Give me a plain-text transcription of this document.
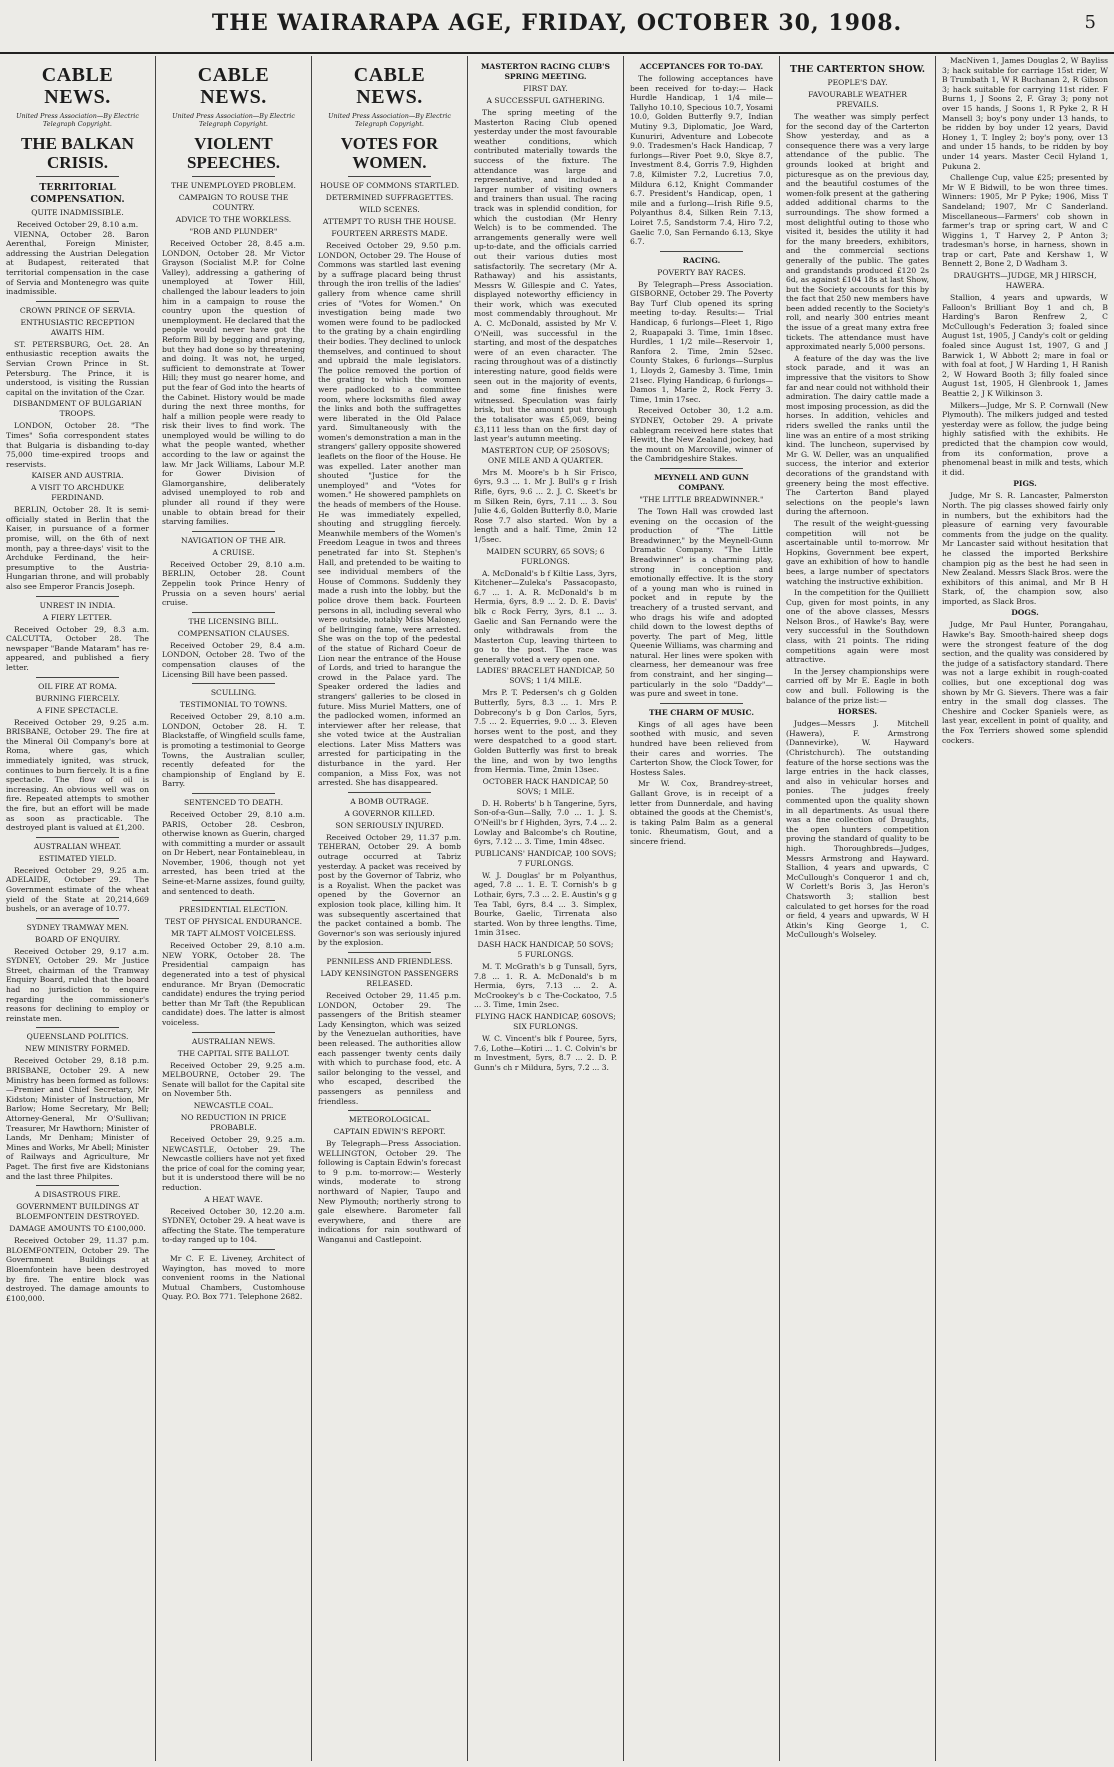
THE WAIRARAPA AGE, FRIDAY, OCTOBER 30, 1908.	5
CABLE NEWS.
United Press Association—By Electric Telegraph Copyright.
THE BALKAN CRISIS.
TERRITORIAL COMPENSATION.
QUITE INADMISSIBLE.
Received October 29, 8.10 a.m.

VIENNA, October 28. Baron Aerenthal, Foreign Minister, addressing the Austrian Delegation at Budapest, reiterated that territorial compensation in the case of Servia and Montenegro was quite inadmissible.

CROWN PRINCE OF SERVIA.
ENTHUSIASTIC RECEPTION AWAITS HIM.

ST. PETERSBURG, Oct. 28. An enthusiastic reception awaits the Servian Crown Prince in St. Petersburg. The Prince, it is understood, is visiting the Russian capital on the invitation of the Czar.

DISBANDMENT OF BULGARIAN TROOPS.

LONDON, October 28. "The Times" Sofia correspondent states that Bulgaria is disbanding to-day 75,000 time-expired troops and reservists.

KAISER AND AUSTRIA.
A VISIT TO ARCHDUKE FERDINAND.

BERLIN, October 28. It is semi-officially stated in Berlin that the Kaiser, in pursuance of a former promise, will, on the 6th of next month, pay a three-days' visit to the Archduke Ferdinand, the heir-presumptive to the Austria-Hungarian throne, and will probably also see Emperor Francis Joseph.

UNREST IN INDIA.
A FIERY LETTER.

Received October 29, 8.3 a.m. CALCUTTA, October 28. The newspaper "Bande Mataram" has re-appeared, and published a fiery letter.

OIL FIRE AT ROMA.
BURNING FIERCELY.
A FINE SPECTACLE.

Received October 29, 9.25 a.m. BRISBANE, October 29. The fire at the Mineral Oil Company's bore at Roma, where gas, which immediately ignited, was struck, continues to burn fiercely. It is a fine spectacle. The flow of oil is increasing. An obvious well was on fire. Repeated attempts to smother the fire, but an effort will be made as soon as practicable. The destroyed plant is valued at £1,200.

AUSTRALIAN WHEAT.
ESTIMATED YIELD.

Received October 29, 9.25 a.m. ADELAIDE, October 29. The Government estimate of the wheat yield of the State at 20,214,669 bushels, or an average of 10.77.

SYDNEY TRAMWAY MEN.
BOARD OF ENQUIRY.

Received October 29, 9.17 a.m. SYDNEY, October 29. Mr Justice Street, chairman of the Tramway Enquiry Board, ruled that the board had no jurisdiction to enquire regarding the commissioner's reasons for declining to employ or reinstate men.

QUEENSLAND POLITICS.
NEW MINISTRY FORMED.

Received October 29, 8.18 p.m. BRISBANE, October 29. A new Ministry has been formed as follows:—Premier and Chief Secretary, Mr Kidston; Minister of Instruction, Mr Barlow; Home Secretary, Mr Bell; Attorney-General, Mr O'Sullivan; Treasurer, Mr Hawthorn; Minister of Lands, Mr Denham; Minister of Mines and Works, Mr Abell; Minister of Railways and Agriculture, Mr Paget. The first five are Kidstonians and the last three Philpites.

A DISASTROUS FIRE.
GOVERNMENT BUILDINGS AT BLOEMFONTEIN DESTROYED.
DAMAGE AMOUNTS TO £100,000.

Received October 29, 11.37 p.m. BLOEMFONTEIN, October 29. The Government Buildings at Bloemfontein have been destroyed by fire. The entire block was destroyed. The damage amounts to £100,000.

CABLE NEWS.
United Press Association—By Electric Telegraph Copyright.
VIOLENT SPEECHES.
THE UNEMPLOYED PROBLEM.
CAMPAIGN TO ROUSE THE COUNTRY.
ADVICE TO THE WORKLESS.
"ROB AND PLUNDER"

Received October 28, 8.45 a.m. LONDON, October 28. Mr Victor Grayson (Socialist M.P. for Colne Valley), addressing a gathering of unemployed at Tower Hill, challenged the labour leaders to join him in a campaign to rouse the country upon the question of unemployment. He declared that the people would never have got the Reform Bill by begging and praying, but they had done so by threatening and doing. It was not, he urged, sufficient to demonstrate at Tower Hill; they must go nearer home, and put the fear of God into the hearts of the Cabinet. History would be made during the next three months, for half a million people were ready to risk their lives to find work. The unemployed would be willing to do what the people wanted, whether according to the law or against the law. Mr Jack Williams, Labour M.P. for Gower Division of Glamorganshire, deliberately advised unemployed to rob and plunder all round if they were unable to obtain bread for their starving families.

NAVIGATION OF THE AIR.
A CRUISE.

Received October 29, 8.10 a.m. BERLIN, October 28. Count Zeppelin took Prince Henry of Prussia on a seven hours' aerial cruise.

THE LICENSING BILL.
COMPENSATION CLAUSES.

Received October 29, 8.4 a.m. LONDON, October 28. Two of the compensation clauses of the Licensing Bill have been passed.

SCULLING.
TESTIMONIAL TO TOWNS.

Received October 29, 8.10 a.m. LONDON, October 28. H. T. Blackstaffe, of Wingfield sculls fame, is promoting a testimonial to George Towns, the Australian sculler, recently defeated for the championship of England by E. Barry.

SENTENCED TO DEATH.

Received October 29, 8.10 a.m. PARIS, October 28. Cesbron, otherwise known as Guerin, charged with committing a murder or assault on Dr Hebert, near Fontainebleau, in November, 1906, though not yet arrested, has been tried at the Seine-et-Marne assizes, found guilty, and sentenced to death.

PRESIDENTIAL ELECTION.
TEST OF PHYSICAL ENDURANCE.
MR TAFT ALMOST VOICELESS.

Received October 29, 8.10 a.m. NEW YORK, October 28. The Presidential campaign has degenerated into a test of physical endurance. Mr Bryan (Democratic candidate) endures the trying period better than Mr Taft (the Republican candidate) does. The latter is almost voiceless.

AUSTRALIAN NEWS.
THE CAPITAL SITE BALLOT.

Received October 29, 9.25 a.m. MELBOURNE, October 29. The Senate will ballot for the Capital site on November 5th.

NEWCASTLE COAL.
NO REDUCTION IN PRICE PROBABLE.

Received October 29, 9.25 a.m. NEWCASTLE, October 29. The Newcastle colliers have not yet fixed the price of coal for the coming year, but it is understood there will be no reduction.

A HEAT WAVE.

Received October 30, 12.20 a.m. SYDNEY, October 29. A heat wave is affecting the State. The temperature to-day ranged up to 104.

Mr C. F. E. Liveney, Architect of Wayington, has moved to more convenient rooms in the National Mutual Chambers, Customhouse Quay. P.O. Box 771. Telephone 2682.

CABLE NEWS.
United Press Association—By Electric Telegraph Copyright.
VOTES FOR WOMEN.
HOUSE OF COMMONS STARTLED.
DETERMINED SUFFRAGETTES.
WILD SCENES.
ATTEMPT TO RUSH THE HOUSE.
FOURTEEN ARRESTS MADE.

Received October 29, 9.50 p.m. LONDON, October 29. The House of Commons was startled last evening by a suffrage placard being thrust through the iron trellis of the ladies' gallery from whence came shrill cries of "Votes for Women." On investigation being made two women were found to be padlocked to the grating by a chain engirdling their bodies. They declined to unlock themselves, and continued to shout and upbraid the male legislators. The police removed the portion of the grating to which the women were padlocked to a committee room, where locksmiths filed away the links and both the suffragettes were liberated in the Old Palace yard. Simultaneously with the women's demonstration a man in the strangers' gallery opposite showered leaflets on the floor of the House. He was expelled. Later another man shouted "Justice for the unemployed" and "Votes for women." He showered pamphlets on the heads of members of the House. He was immediately expelled, shouting and struggling fiercely. Meanwhile members of the Women's Freedom League in twos and threes penetrated far into St. Stephen's Hall, and pretended to be waiting to see individual members of the House of Commons. Suddenly they made a rush into the lobby, but the police drove them back. Fourteen persons in all, including several who were outside, notably Miss Maloney, of bellringing fame, were arrested. She was on the top of the pedestal of the statue of Richard Coeur de Lion near the entrance of the House of Lords, and tried to harangue the crowd in the Palace yard. The Speaker ordered the ladies and strangers' galleries to be closed in future. Miss Muriel Matters, one of the padlocked women, informed an interviewer after her release, that she voted twice at the Australian elections. Later Miss Matters was arrested for participating in the disturbance in the yard. Her companion, a Miss Fox, was not arrested. She has disappeared.

A BOMB OUTRAGE.
A GOVERNOR KILLED.
SON SERIOUSLY INJURED.

Received October 29, 11.37 p.m. TEHERAN, October 29. A bomb outrage occurred at Tabriz yesterday. A packet was received by post by the Governor of Tabriz, who is a Royalist. When the packet was opened by the Governor an explosion took place, killing him. It was subsequently ascertained that the packet contained a bomb. The Governor's son was seriously injured by the explosion.

PENNILESS AND FRIENDLESS.
LADY KENSINGTON PASSENGERS RELEASED.

Received October 29, 11.45 p.m. LONDON, October 29. The passengers of the British steamer Lady Kensington, which was seized by the Venezuelan authorities, have been released. The authorities allow each passenger twenty cents daily with which to purchase food, etc. A sailor belonging to the vessel, and who escaped, described the passengers as penniless and friendless.

METEOROLOGICAL.
CAPTAIN EDWIN'S REPORT.

By Telegraph—Press Association. WELLINGTON, October 29. The following is Captain Edwin's forecast to 9 p.m. to-morrow:— Westerly winds, moderate to strong northward of Napier, Taupo and New Plymouth; northerly strong to gale elsewhere. Barometer fall everywhere, and there are indications for rain southward of Wanganui and Castlepoint.

MASTERTON RACING CLUB'S SPRING MEETING.
FIRST DAY.
A SUCCESSFUL GATHERING.

The spring meeting of the Masterton Racing Club opened yesterday under the most favourable weather conditions, which contributed materially towards the success of the fixture. The attendance was large and representative, and included a larger number of visiting owners and trainers than usual. The racing track was in splendid condition, for which the custodian (Mr Henry Welch) is to be commended. The arrangements generally were well up-to-date, and the officials carried out their various duties most satisfactorily. The secretary (Mr A. Rathaway) and his assistants, Messrs W. Gillespie and C. Yates, displayed noteworthy efficiency in their work, which was executed most commendably throughout. Mr A. C. McDonald, assisted by Mr V. O'Neill, was successful in the starting, and most of the despatches were of an even character. The racing throughout was of a distinctly interesting nature, good fields were seen out in the majority of events, and some fine finishes were witnessed. Speculation was fairly brisk, but the amount put through the totalisator was £5,069, being £3,111 less than on the first day of last year's autumn meeting.

MASTERTON CUP, OF 250SOVS; ONE MILE AND A QUARTER.

Mrs M. Moore's b h Sir Frisco, 6yrs, 9.3 ... 1. Mr J. Bull's g r Irish Rifle, 6yrs, 9.6 ... 2. J. C. Skeet's br m Silken Rein, 6yrs, 7.11 ... 3. Sou Julie 4.6, Golden Butterfly 8.0, Marie Rose 7.7 also started. Won by a length and a half. Time, 2min 12 1/5sec.

MAIDEN SCURRY, 65 SOVS; 6 FURLONGS.

A. McDonald's b f Kiltie Lass, 3yrs, Kitchener—Zuleka's Passacopasto, 6.7 ... 1. A. R. McDonald's b m Hermia, 6yrs, 8.9 ... 2. D. E. Davis' blk c Rock Ferry, 3yrs, 8.1 ... 3. Gaelic and San Fernando were the only withdrawals from the Masterton Cup, leaving thirteen to go to the post. The race was generally voted a very open one.

LADIES' BRACELET HANDICAP, 50 SOVS; 1 1/4 MILE.

Mrs P. T. Pedersen's ch g Golden Butterfly, 5yrs, 8.3 ... 1. Mrs P. Dobrecony's b g Don Carlos, 5yrs, 7.5 ... 2. Equerries, 9.0 ... 3. Eleven horses went to the post, and they were despatched to a good start. Golden Butterfly was first to break the line, and won by two lengths from Hermia. Time, 2min 13sec.

OCTOBER HACK HANDICAP, 50 SOVS; 1 MILE.

D. H. Roberts' b h Tangerine, 5yrs, Son-of-a-Gun—Sally, 7.0 ... 1. J. S. O'Neill's br f Highden, 3yrs, 7.4 ... 2. Lowlay and Balcombe's ch Routine, 6yrs, 7.12 ... 3. Time, 1min 48sec.

PUBLICANS' HANDICAP, 100 SOVS; 7 FURLONGS.

W. J. Douglas' br m Polyanthus, aged, 7.8 ... 1. E. T. Cornish's b g Lothair, 6yrs, 7.3 ... 2. E. Austin's g g Tea Tabl, 6yrs, 8.4 ... 3. Simplex, Bourke, Gaelic, Tirrenata also started. Won by three lengths. Time, 1min 31sec.

DASH HACK HANDICAP, 50 SOVS; 5 FURLONGS.

M. T. McGrath's b g Tunsall, 5yrs, 7.8 ... 1. R. A. McDonald's b m Hermia, 6yrs, 7.13 ... 2. A. McCrookey's b c The-Cockatoo, 7.5 ... 3. Time, 1min 2sec.

FLYING HACK HANDICAP, 60SOVS; SIX FURLONGS.

W. C. Vincent's blk f Pouree, 5yrs, 7.6, Lothe—Kotiri ... 1. C. Colvin's br m Investment, 5yrs, 8.7 ... 2. D. P. Gunn's ch r Mildura, 5yrs, 7.2 ... 3.

ACCEPTANCES FOR TO-DAY.

The following acceptances have been received for to-day:— Hack Hurdle Handicap, 1 1/4 mile—Tallyho 10.10, Specious 10.7, Yosami 10.0, Golden Butterfly 9.7, Indian Mutiny 9.3, Diplomatic, Joe Ward, Kunuriri, Adventure and Lobecote 9.0. Tradesmen's Hack Handicap, 7 furlongs—River Poet 9.0, Skye 8.7, Investment 8.4, Gorris 7.9, Highden 7.8, Kilmister 7.2, Lucretius 7.0, Mildura 6.12, Knight Commander 6.7. President's Handicap, open, 1 mile and a furlong—Irish Rifle 9.5, Polyanthus 8.4, Silken Rein 7.13, Loiret 7.5, Sandstorm 7.4, Hiro 7.2, Gaelic 7.0, San Fernando 6.13, Skye 6.7.

RACING.
POVERTY BAY RACES.

By Telegraph—Press Association. GISBORNE, October 29. The Poverty Bay Turf Club opened its spring meeting to-day. Results:— Trial Handicap, 6 furlongs—Fleet 1, Rigo 2, Ruapapaki 3. Time, 1min 18sec. Hurdles, 1 1/2 mile—Reservoir 1, Ranfora 2. Time, 2min 52sec. County Stakes, 6 furlongs—Surplus 1, Lloyds 2, Gamesby 3. Time, 1min 21sec. Flying Handicap, 6 furlongs—Damos 1, Marie 2, Rock Ferry 3. Time, 1min 17sec.

Received October 30, 1.2 a.m. SYDNEY, October 29. A private cablegram received here states that Hewitt, the New Zealand jockey, had the mount on Marcoville, winner of the Cambridgeshire Stakes.

MEYNELL AND GUNN COMPANY.
"THE LITTLE BREADWINNER."

The Town Hall was crowded last evening on the occasion of the production of "The Little Breadwinner," by the Meynell-Gunn Dramatic Company. "The Little Breadwinner" is a charming play, strong in conception and emotionally effective. It is the story of a young man who is ruined in pocket and in repute by the treachery of a trusted servant, and who drags his wife and adopted child down to the lowest depths of poverty. The part of Meg, little Queenie Williams, was charming and natural. Her lines were spoken with clearness, her demeanour was free from constraint, and her singing—particularly in the solo "Daddy"—was pure and sweet in tone.

THE CHARM OF MUSIC.

Kings of all ages have been soothed with music, and seven hundred have been relieved from their cares and worries. The Carterton Show, the Clock Tower, for Hostess Sales.

Mr W. Cox, Brandrey-street, Gallant Grove, is in receipt of a letter from Dunnerdale, and having obtained the goods at the Chemist's, is taking Palm Balm as a general tonic. Rheumatism, Gout, and a sincere friend.

THE CARTERTON SHOW.
PEOPLE'S DAY.
FAVOURABLE WEATHER PREVAILS.

The weather was simply perfect for the second day of the Carterton Show yesterday, and as a consequence there was a very large attendance of the public. The grounds looked at bright and picturesque as on the previous day, and the beautiful costumes of the women-folk present at the gathering added additional charms to the surroundings. The show formed a most delightful outing to those who visited it, besides the utility it had for the many breeders, exhibitors, and the commercial sections generally of the public. The gates and grandstands produced £120 2s 6d, as against £104 18s at last Show, but the Society accounts for this by the fact that 250 new members have been added recently to the Society's roll, and nearly 300 entries meant the issue of a great many extra free tickets. The attendance must have approximated nearly 5,000 persons.

A feature of the day was the live stock parade, and it was an impressive that the visitors to Show far and near could not withhold their admiration. The dairy cattle made a most imposing procession, as did the horses. In addition, vehicles and riders swelled the ranks until the line was an entire of a most striking kind. The luncheon, supervised by Mr G. W. Deller, was an unqualified success, the interior and exterior decorations of the grandstand with greenery being the most effective. The Carterton Band played selections on the people's lawn during the afternoon.

The result of the weight-guessing competition will not be ascertainable until to-morrow. Mr Hopkins, Government bee expert, gave an exhibition of how to handle bees, a large number of spectators watching the instructive exhibition.

In the competition for the Quilliett Cup, given for most points, in any one of the above classes, Messrs Nelson Bros., of Hawke's Bay, were very successful in the Southdown class, with 21 points. The riding competitions again were most attractive.

In the Jersey championships were carried off by Mr E. Eagle in both cow and bull. Following is the balance of the prize list:—

HORSES.

Judges—Messrs J. Mitchell (Hawera), F. Armstrong (Dannevirke), W. Hayward (Christchurch). The outstanding feature of the horse sections was the large entries in the hack classes, and also in vehicular horses and ponies. The judges freely commented upon the quality shown in all departments. As usual there was a fine collection of Draughts, the open hunters competition proving the standard of quality to be high. Thoroughbreds—Judges, Messrs Armstrong and Hayward. Stallion, 4 years and upwards, C McCullough's Conqueror 1 and ch, W Corlett's Boris 3, Jas Heron's Chatsworth 3; stallion best calculated to get horses for the road or field, 4 years and upwards, W H Atkin's King George 1, C. McCullough's Wolseley.

MacNiven 1, James Douglas 2, W Bayliss 3; hack suitable for carriage 15st rider, W B Trumbath 1, W R Buchanan 2, R Gibson 3; hack suitable for carrying 11st rider. F Burns 1, J Soons 2, F. Gray 3; pony not over 15 hands, J Soons 1, R Pyke 2, R H Mansell 3; boy's pony under 13 hands, to be ridden by boy under 12 years, David Honey 1, T. Ingley 2; boy's pony, over 13 and under 15 hands, to be ridden by boy under 14 years. Master Cecil Hyland 1, Pukuna 2.

Challenge Cup, value £25; presented by Mr W E Bidwill, to be won three times. Winners: 1905, Mr P Pyke; 1906, Miss T Sandeland; 1907, Mr C Sanderland. Miscellaneous—Farmers' cob shown in farmer's trap or spring cart, W and C Wiggins 1, T Harvey 2, P Anton 3; tradesman's horse, in harness, shown in trap or cart, Pate and Kershaw 1, W Bennett 2, Bone 2, D Wadham 3.

DRAUGHTS—JUDGE, MR J HIRSCH, HAWERA.

Stallion, 4 years and upwards, W Falloon's Brilliant Boy 1 and ch, B Harding's Baron Renfrew 2, C McCullough's Federation 3; foaled since August 1st, 1905, J Candy's colt or gelding foaled since August 1st, 1907, G and J Barwick 1, W Abbott 2; mare in foal or with foal at foot, J W Harding 1, H Ranish 2, W Howard Booth 3; filly foaled since August 1st, 1905, H Glenbrook 1, James Beattie 2, J K Wilkinson 3.

Milkers—Judge, Mr S. P. Cornwall (New Plymouth). The milkers judged and tested yesterday were as follow, the judge being highly satisfied with the exhibits. He predicted that the champion cow would, from its conformation, prove a phenomenal beast in milk and tests, which it did.

PIGS.

Judge, Mr S. R. Lancaster, Palmerston North. The pig classes showed fairly only in numbers, but the exhibitors had the pleasure of earning very favourable comments from the judge on the quality. Mr Lancaster said without hesitation that he classed the imported Berkshire champion pig as the best he had seen in New Zealand. Messrs Slack Bros. were the exhibitors of this animal, and Mr B H Stark, of, the champion sow, also imported, as Slack Bros.

DOGS.

Judge, Mr Paul Hunter, Porangahau, Hawke's Bay. Smooth-haired sheep dogs were the strongest feature of the dog section, and the quality was considered by the judge of a satisfactory standard. There was not a large exhibit in rough-coated collies, but one exceptional dog was shown by Mr G. Sievers. There was a fair entry in the small dog classes. The Cheshire and Cocker Spaniels were, as last year, excellent in point of quality, and the Fox Terriers showed some splendid cockers.
